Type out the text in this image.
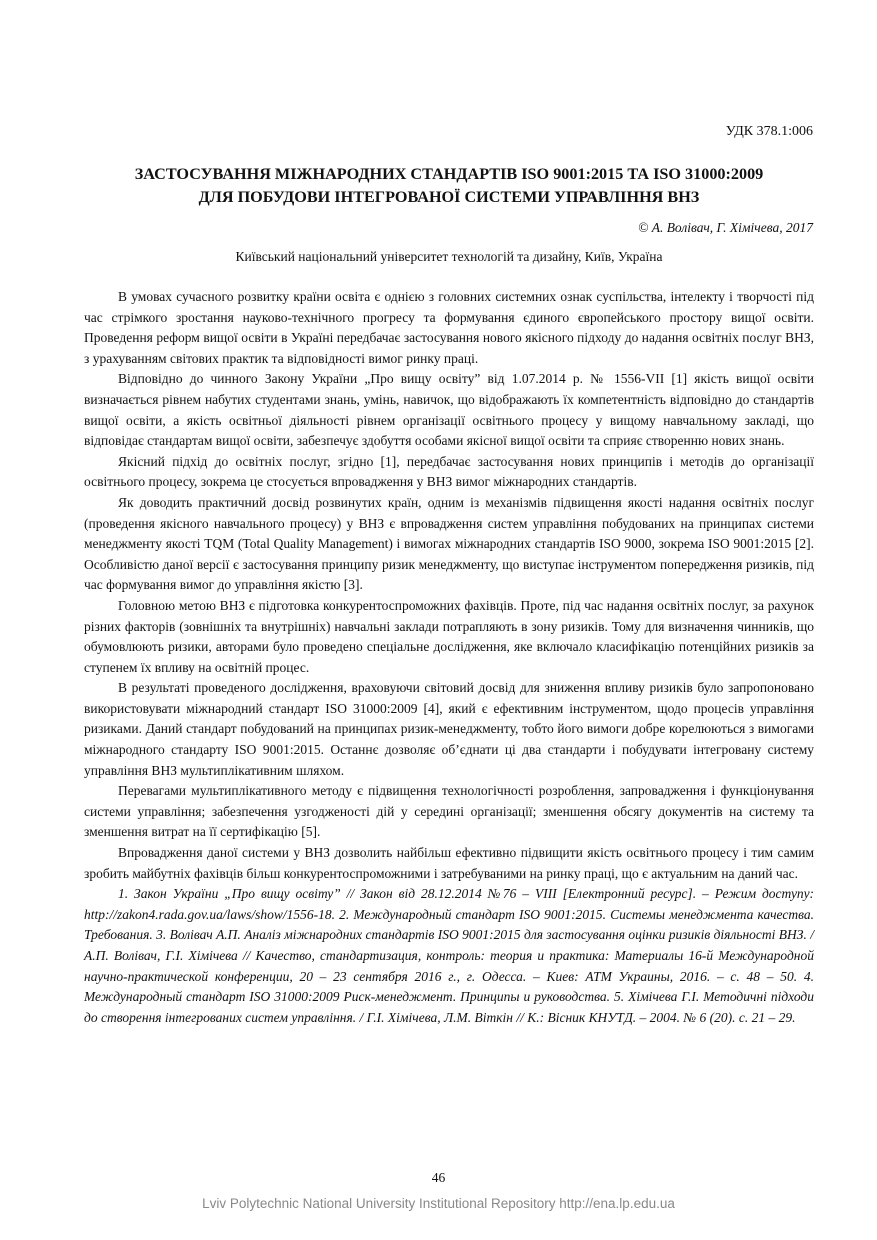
УДК 378.1:006
ЗАСТОСУВАННЯ МІЖНАРОДНИХ СТАНДАРТІВ ISO 9001:2015 ТА ISO 31000:2009
ДЛЯ ПОБУДОВИ ІНТЕГРОВАНОЇ СИСТЕМИ УПРАВЛІННЯ ВНЗ
© А. Волівач, Г. Хімічева, 2017
Київський національний університет технологій та дизайну, Київ, Україна

В умовах сучасного розвитку країни освіта є однією з головних системних ознак суспільства, інтелекту і творчості під час стрімкого зростання науково-технічного прогресу та формування єдиного європейського простору вищої освіти. Проведення реформ вищої освіти в Україні передбачає застосування нового якісного підходу до надання освітніх послуг ВНЗ, з урахуванням світових практик та відповідності вимог ринку праці.

Відповідно до чинного Закону України „Про вищу освіту” від 1.07.2014 р. № 1556-VII [1] якість вищої освіти визначається рівнем набутих студентами знань, умінь, навичок, що відображають їх компетентність відповідно до стандартів вищої освіти, а якість освітньої діяльності рівнем організації освітнього процесу у вищому навчальному закладі, що відповідає стандартам вищої освіти, забезпечує здобуття особами якісної вищої освіти та сприяє створенню нових знань.

Якісний підхід до освітніх послуг, згідно [1], передбачає застосування нових принципів і методів до організації освітнього процесу, зокрема це стосується впровадження у ВНЗ вимог міжнародних стандартів.

Як доводить практичний досвід розвинутих країн, одним із механізмів підвищення якості надання освітніх послуг (проведення якісного навчального процесу) у ВНЗ є впровадження систем управління побудованих на принципах системи менеджменту якості TQM (Total Quality Management) і вимогах міжнародних стандартів ISO 9000, зокрема ISO 9001:2015 [2]. Особливістю даної версії є застосування принципу ризик менеджменту, що виступає інструментом попередження ризиків, під час формування вимог до управління якістю [3].

Головною метою ВНЗ є підготовка конкурентоспроможних фахівців. Проте, під час надання освітніх послуг, за рахунок різних факторів (зовнішніх та внутрішніх) навчальні заклади потрапляють в зону ризиків. Тому для визначення чинників, що обумовлюють ризики, авторами було проведено спеціальне дослідження, яке включало класифікацію потенційних ризиків за ступенем їх впливу на освітній процес.

В результаті проведеного дослідження, враховуючи світовий досвід для зниження впливу ризиків було запропоновано використовувати міжнародний стандарт ISO 31000:2009 [4], який є ефективним інструментом, щодо процесів управління ризиками. Даний стандарт побудований на принципах ризик-менеджменту, тобто його вимоги добре корелюються з вимогами міжнародного стандарту ISO 9001:2015. Останнє дозволяє об’єднати ці два стандарти і побудувати інтегровану систему управління ВНЗ мультиплікативним шляхом.

Перевагами мультиплікативного методу є підвищення технологічності розроблення, запровадження і функціонування системи управління; забезпечення узгодженості дій у середині організації; зменшення обсягу документів на систему та зменшення витрат на її сертифікацію [5].

Впровадження даної системи у ВНЗ дозволить найбільш ефективно підвищити якість освітнього процесу і тим самим зробить майбутніх фахівців більш конкурентоспроможними і затребуваними на ринку праці, що є актуальним на даний час.

1. Закон України „Про вищу освіту” // Закон від 28.12.2014 №76 – VIII [Електронний ресурс]. – Режим доступу: http://zakon4.rada.gov.ua/laws/show/1556-18. 2. Международный стандарт ISO 9001:2015. Системы менеджмента качества. Требования. 3. Волівач А.П. Аналіз міжнародних стандартів ISO 9001:2015 для застосування оцінки ризиків діяльності ВНЗ. / А.П. Волівач, Г.І. Хімічева // Качество, стандартизация, контроль: теория и практика: Материалы 16-й Международной научно-практической конференции, 20 – 23 сентября 2016 г., г. Одесса. – Киев: АТМ Украины, 2016. – с. 48 – 50. 4. Международный стандарт ISO 31000:2009 Риск-менеджмент. Принципы и руководства. 5. Хімічева Г.І. Методичні підходи до створення інтегрованих систем управління. / Г.І. Хімічева, Л.М. Віткін // К.: Вісник КНУТД. – 2004. № 6 (20). с. 21 – 29.

46
Lviv Polytechnic National University Institutional Repository http://ena.lp.edu.ua
